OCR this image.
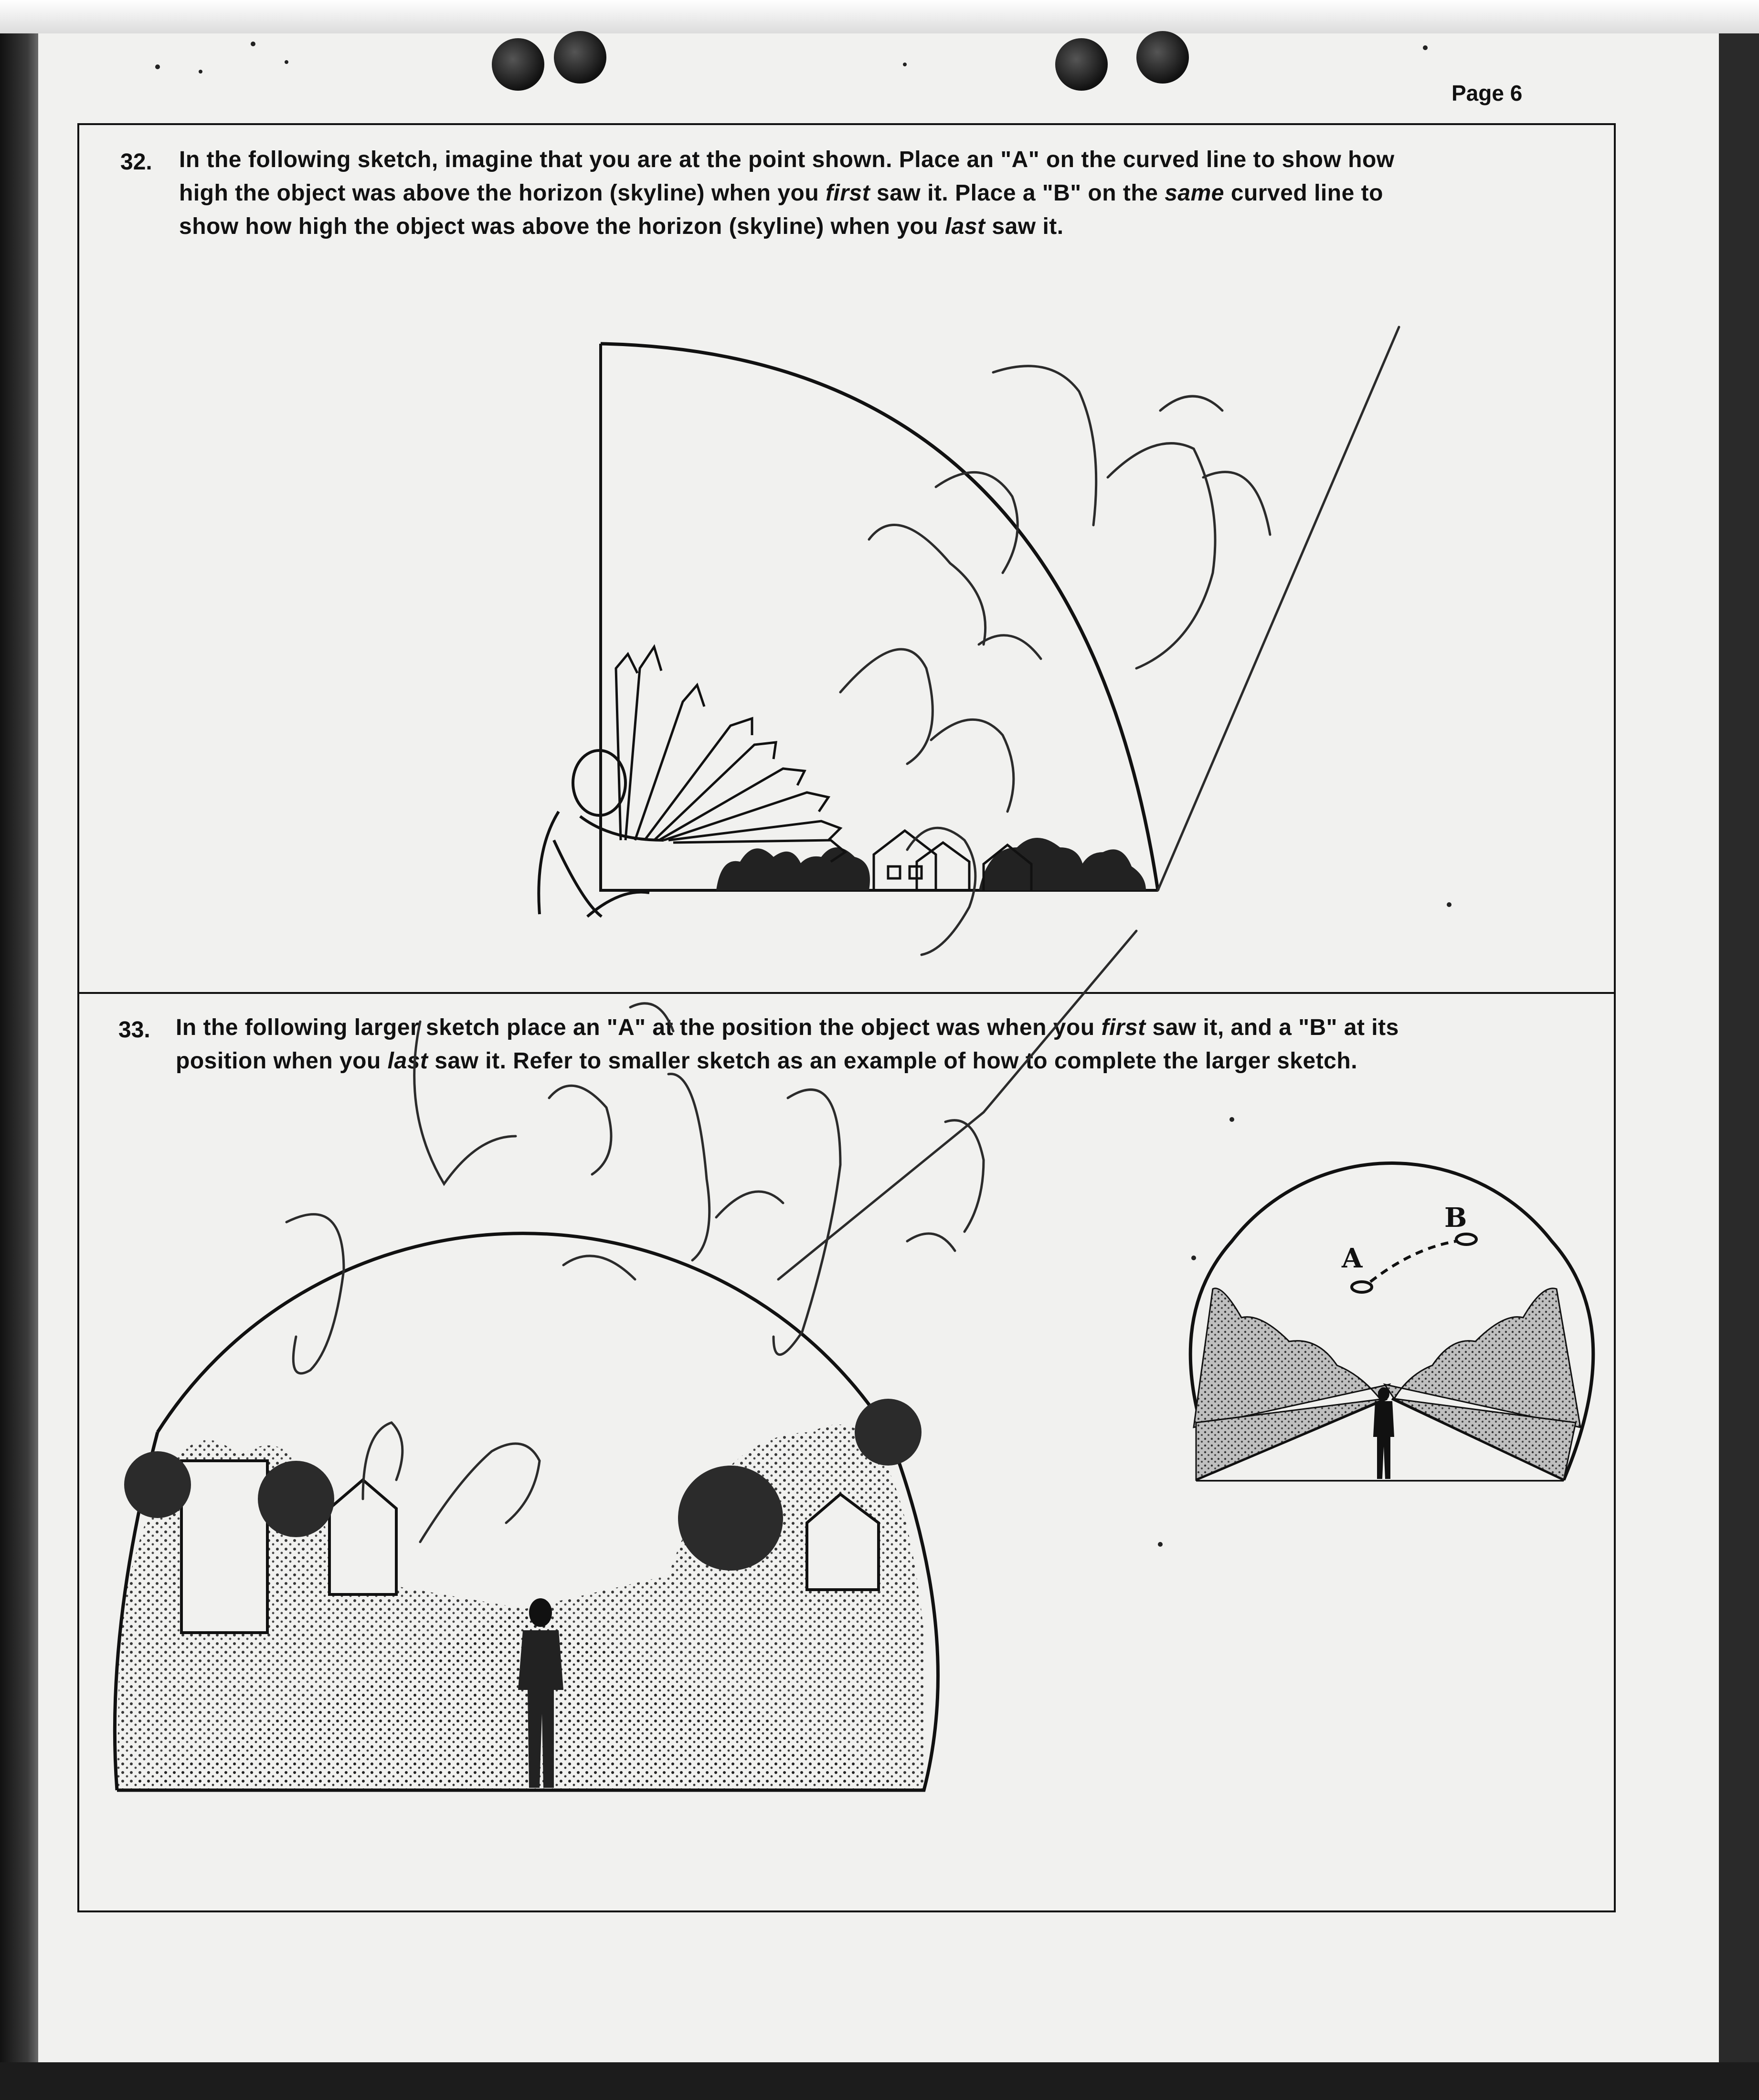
Page 6
32. In the following sketch, imagine that you are at the point shown. Place an "A" on the curved line to show how
high the object was above the horizon (skyline) when you first saw it. Place a "B" on the same curved line to
show how high the object was above the horizon (skyline) when you last saw it.
33. In the following larger sketch place an "A" at the position the object was when you first saw it, and a "B" at its
position when you last saw it. Refer to smaller sketch as an example of how to complete the larger sketch.
A
B
